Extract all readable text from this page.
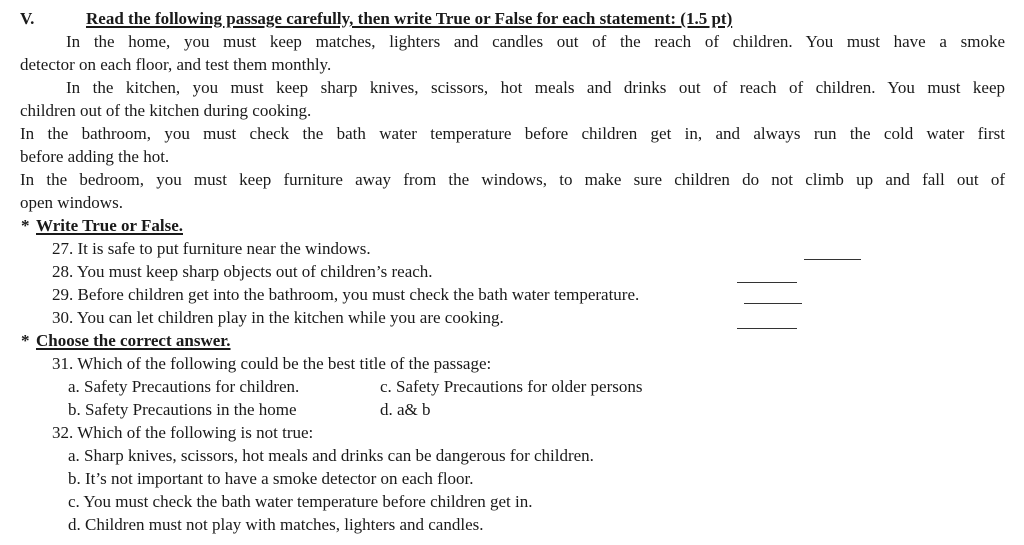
V.	Read the following passage carefully, then write True or False for each statement: (1.5 pt)
In the home, you must keep matches, lighters and candles out of the reach of children. You must have a smoke
detector on each floor, and test them monthly.
In the kitchen, you must keep sharp knives, scissors, hot meals and drinks out of reach of children. You must keep
children out of the kitchen during cooking.
In the bathroom, you must check the bath water temperature before children get in, and always run the cold water first
before adding the hot.
In the bedroom, you must keep furniture away from the windows, to make sure children do not climb up and fall out of
open windows.
* Write True or False.
27. It is safe to put furniture near the windows.
28. You must keep sharp objects out of children’s reach.
29. Before children get into the bathroom, you must check the bath water temperature.
30. You can let children play in the kitchen while you are cooking.
* Choose the correct answer.
31. Which of the following could be the best title of the passage:
a. Safety Precautions for children.	c. Safety Precautions for older persons
b. Safety Precautions in the home	d. a& b
32. Which of the following is not true:
a. Sharp knives, scissors, hot meals and drinks can be dangerous for children.
b. It’s not important to have a smoke detector on each floor.
c. You must check the bath water temperature before children get in.
d. Children must not play with matches, lighters and candles.
